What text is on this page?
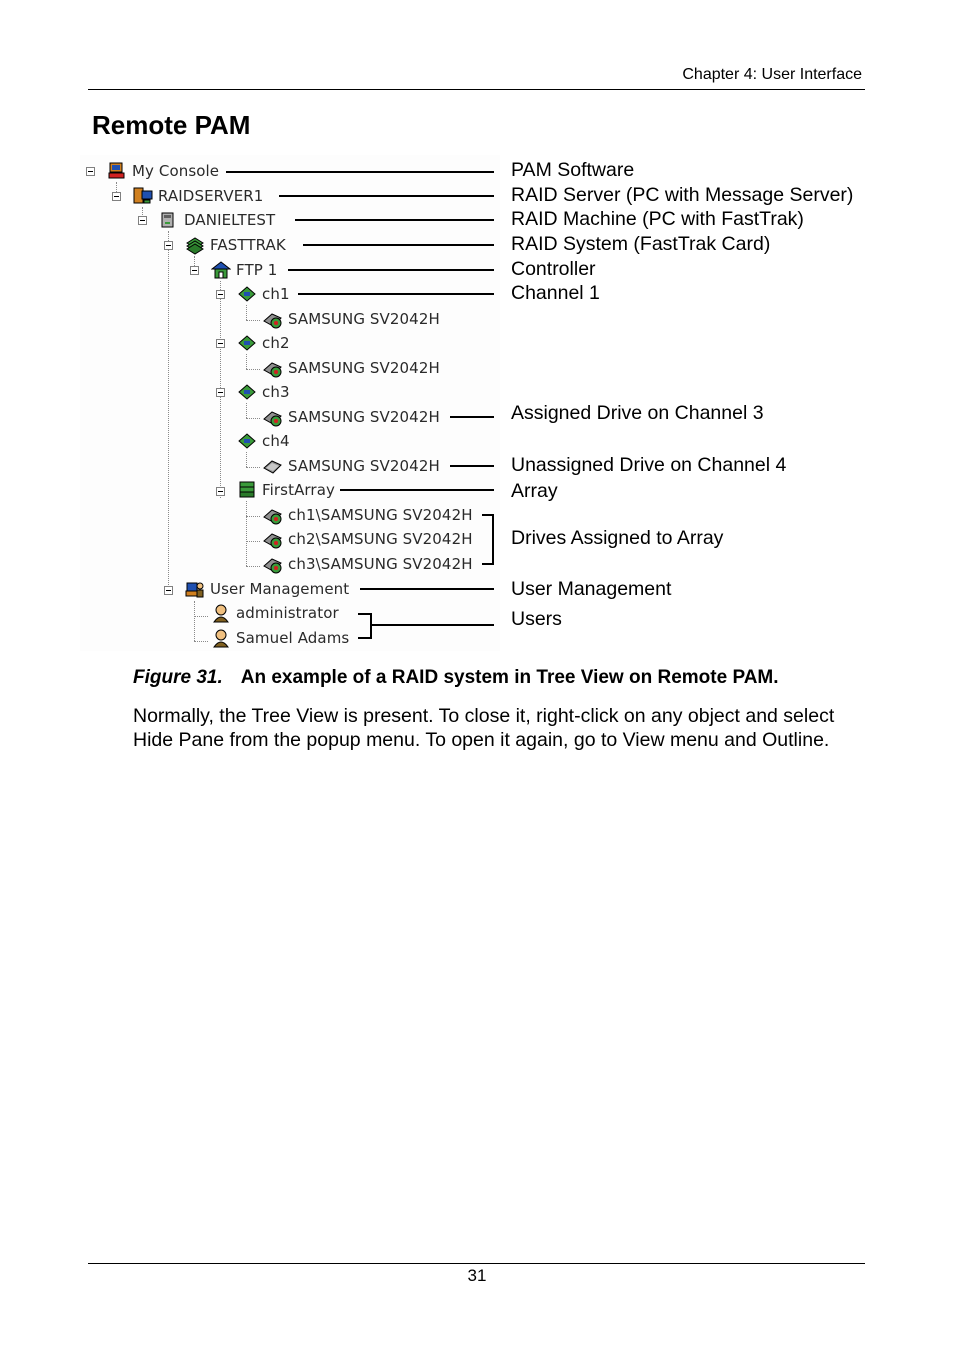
Chapter 4: User Interface
Remote PAM
My Console
RAIDSERVER1
DANIELTEST
FASTTRAK
FTP 1
ch1
SAMSUNG SV2042H
ch2
SAMSUNG SV2042H
ch3
SAMSUNG SV2042H
ch4
SAMSUNG SV2042H
FirstArray
ch1\SAMSUNG SV2042H
ch2\SAMSUNG SV2042H
ch3\SAMSUNG SV2042H
User Management
administrator
Samuel Adams
PAM Software
RAID Server (PC with Message Server)
RAID Machine (PC with FastTrak)
RAID System (FastTrak Card)
Controller
Channel 1
Assigned Drive on Channel 3
Unassigned Drive on Channel 4
Array
Drives Assigned to Array
User Management
Users
Figure 31. An example of a RAID system in Tree View on Remote PAM.
Normally, the Tree View is present. To close it, right-click on any object and select Hide Pane from the popup menu. To open it again, go to View menu and Outline.
31
